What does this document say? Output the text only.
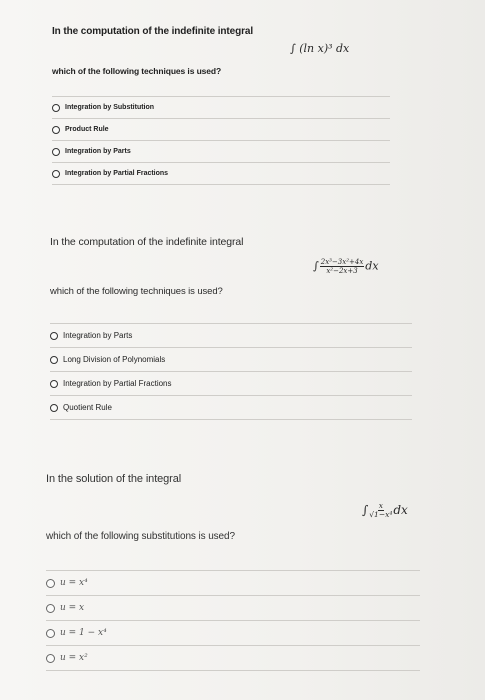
In the computation of the indefinite integral
∫ (ln x)³ dx
which of the following techniques is used?
Integration by Substitution
Product Rule
Integration by Parts
Integration by Partial Fractions
In the computation of the indefinite integral
∫ $\frac{\text{2x³−3x²+4x}}{\text{x²−2x+3}}$ dx
which of the following techniques is used?
Integration by Parts
Long Division of Polynomials
Integration by Partial Fractions
Quotient Rule
In the solution of the integral
∫ $\frac{x}{\text{√1−x⁴}}$ dx
which of the following substitutions is used?
u = x⁴
u = x
u = 1 − x⁴
u = x²
